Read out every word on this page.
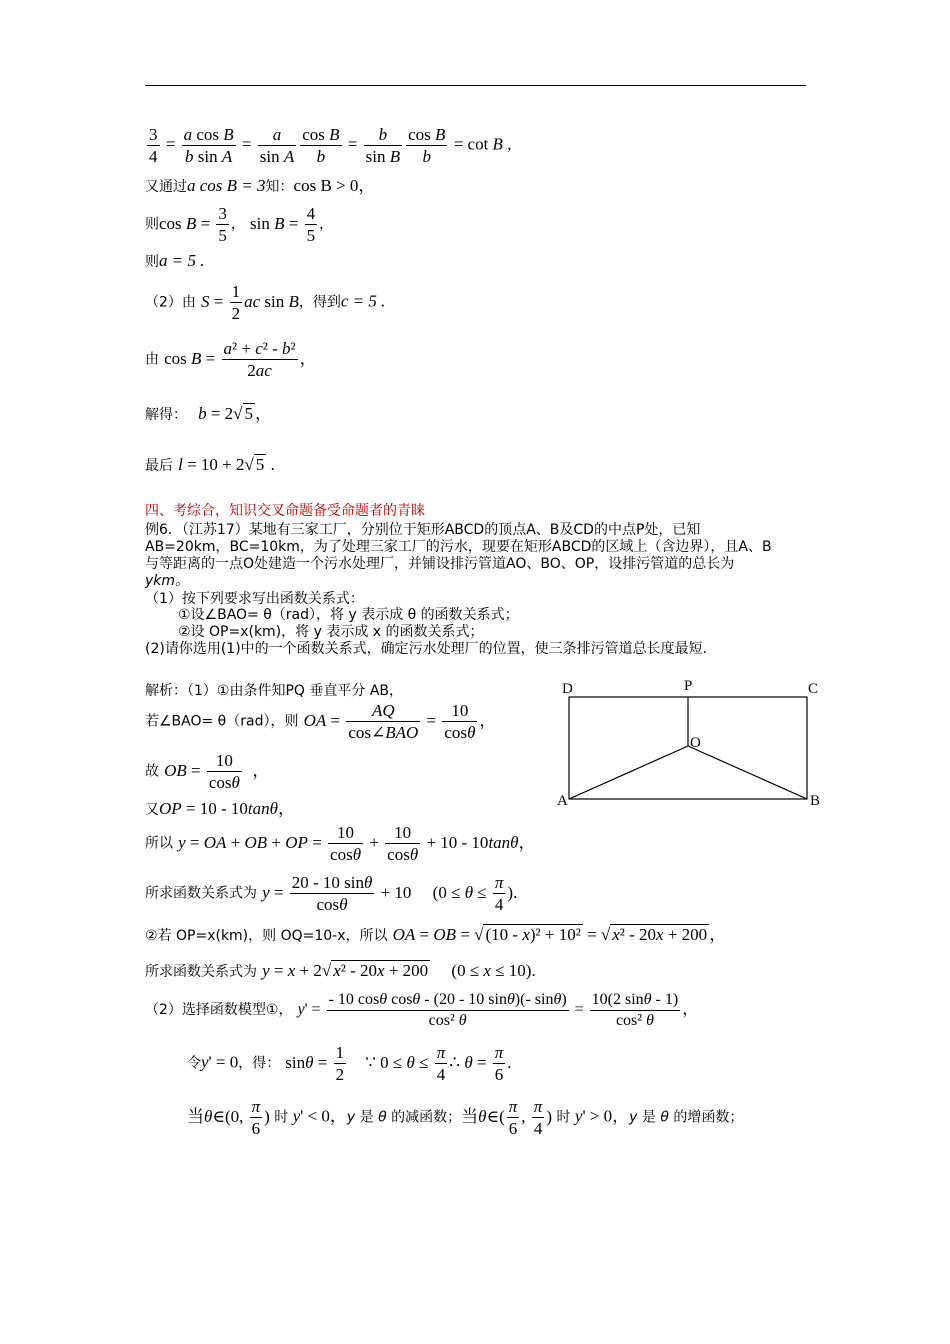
$\frac{3}{4} = \frac{\text{a cos B}}{\text{b sin A}} = \frac{a}{\text{sin A}} \frac{\text{cos B}}{b} = \frac{b}{\text{sin B}} \frac{\text{cos B}}{b} = \cot B$ ,
又通过a cos B = 3知：cos B > 0，
则$\cos B = \frac{3}{5}$ ， $\sin B = \frac{4}{5}$ ，
则a = 5 .
（2）由 $S = \frac{1}{2}$ ac sin B，得到c = 5 .
由 $\cos B = \frac{\text{a² + c² - b²}}{2ac}$ ，
解得： b = 2√ 5 ，
最后 l = 10 + 2√ 5 .
四、考综合，知识交叉命题备受命题者的青睐
例6．（江苏17）某地有三家工厂，分别位于矩形ABCD的顶点A、B及CD的中点P处，已知
AB=20km，BC=10km，为了处理三家工厂的污水，现要在矩形ABCD的区域上（含边界），且A、B
与等距离的一点O处建造一个污水处理厂，并铺设排污管道AO、BO、OP，设排污管道的总长为
ykm。
（1）按下列要求写出函数关系式：
①设∠BAO= θ（rad），将 y 表示成 θ 的函数关系式；
②设 OP=x(km)，将 y 表示成 x 的函数关系式；
(2)请你选用(1)中的一个函数关系式，确定污水处理厂的位置，使三条排污管道总长度最短.
解析：（1）①由条件知PQ 垂直平分 AB，
若∠BAO= θ（rad），则 OA = $\frac{AQ}{\text{cos∠BAO}} = \frac{10}{\cos\theta}$ ，
故 OB = $\frac{10}{\cos\theta}$ ，
又OP = 10 - 10tanθ，
所以 y = OA + OB + OP = $\frac{10}{\cos\theta} + \frac{10}{\cos\theta} + 10 - 10\tan\theta$，
所求函数关系式为 $y = \frac{20 - 10 \sin\theta}{\cos\theta} + 10$     ($0 \le \theta \le \frac{\pi}{4}$ ).
②若 OP=x(km)，则 OQ=10-x，所以 OA = OB = √ (10 - x)² + 10² = √ x² - 20x + 200 ，
所求函数关系式为 y = x + 2√ x² - 20x + 200     (0 ≤ x ≤ 10).
（2）选择函数模型①， $y' = \frac{\text{- 10 cosθ cosθ - (20 - 10 sinθ)(- sinθ)}}{\text{cos² θ}} = \frac{10(2 \sin\theta - 1)}{\text{cos² θ}}$ ，
令y' = 0，得： $\sin\theta = \frac{1}{2}$ ∵ $0 \le \theta \le \frac{\pi}{4}$ ∴ $\theta = \frac{\pi}{6}$ .
当θ∈(0, $\frac{\pi}{6}$ ) 时 y' < 0，y 是 θ 的减函数；当θ∈( $\frac{\pi}{6}$ , $\frac{\pi}{4}$ ) 时 y' > 0，y 是 θ 的增函数；
D	P	C
O
A	B
